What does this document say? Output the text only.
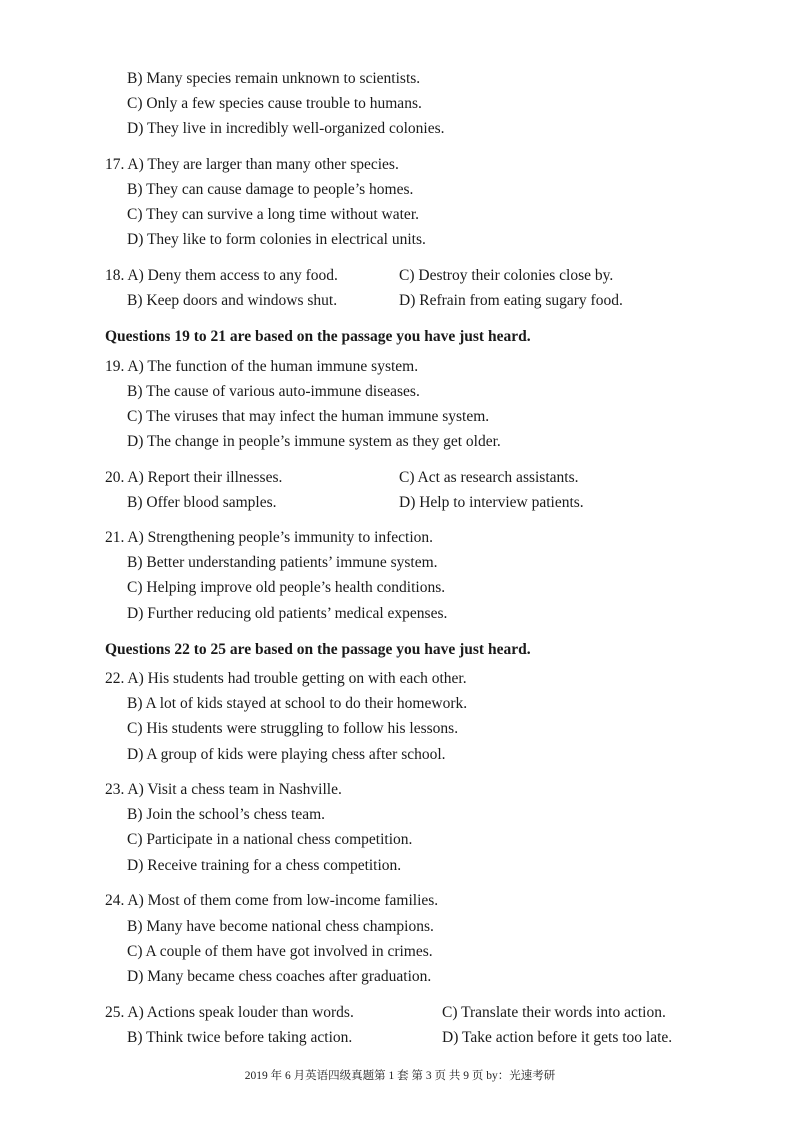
B) Many species remain unknown to scientists.
C) Only a few species cause trouble to humans.
D) They live in incredibly well-organized colonies.
17. A) They are larger than many other species.
B) They can cause damage to people’s homes.
C) They can survive a long time without water.
D) They like to form colonies in electrical units.
18. A) Deny them access to any food.	C) Destroy their colonies close by.
B) Keep doors and windows shut.	D) Refrain from eating sugary food.
Questions 19 to 21 are based on the passage you have just heard.
19. A) The function of the human immune system.
B) The cause of various auto-immune diseases.
C) The viruses that may infect the human immune system.
D) The change in people’s immune system as they get older.
20. A) Report their illnesses.	C) Act as research assistants.
B) Offer blood samples.	D) Help to interview patients.
21. A) Strengthening people’s immunity to infection.
B) Better understanding patients’ immune system.
C) Helping improve old people’s health conditions.
D) Further reducing old patients’ medical expenses.
Questions 22 to 25 are based on the passage you have just heard.
22. A) His students had trouble getting on with each other.
B) A lot of kids stayed at school to do their homework.
C) His students were struggling to follow his lessons.
D) A group of kids were playing chess after school.
23. A) Visit a chess team in Nashville.
B) Join the school’s chess team.
C) Participate in a national chess competition.
D) Receive training for a chess competition.
24. A) Most of them come from low-income families.
B) Many have become national chess champions.
C) A couple of them have got involved in crimes.
D) Many became chess coaches after graduation.
25. A) Actions speak louder than words.	C) Translate their words into action.
B) Think twice before taking action.	D) Take action before it gets too late.
2019 年 6 月英语四级真题第 1 套 第 3 页 共 9 页 by：光速考研
